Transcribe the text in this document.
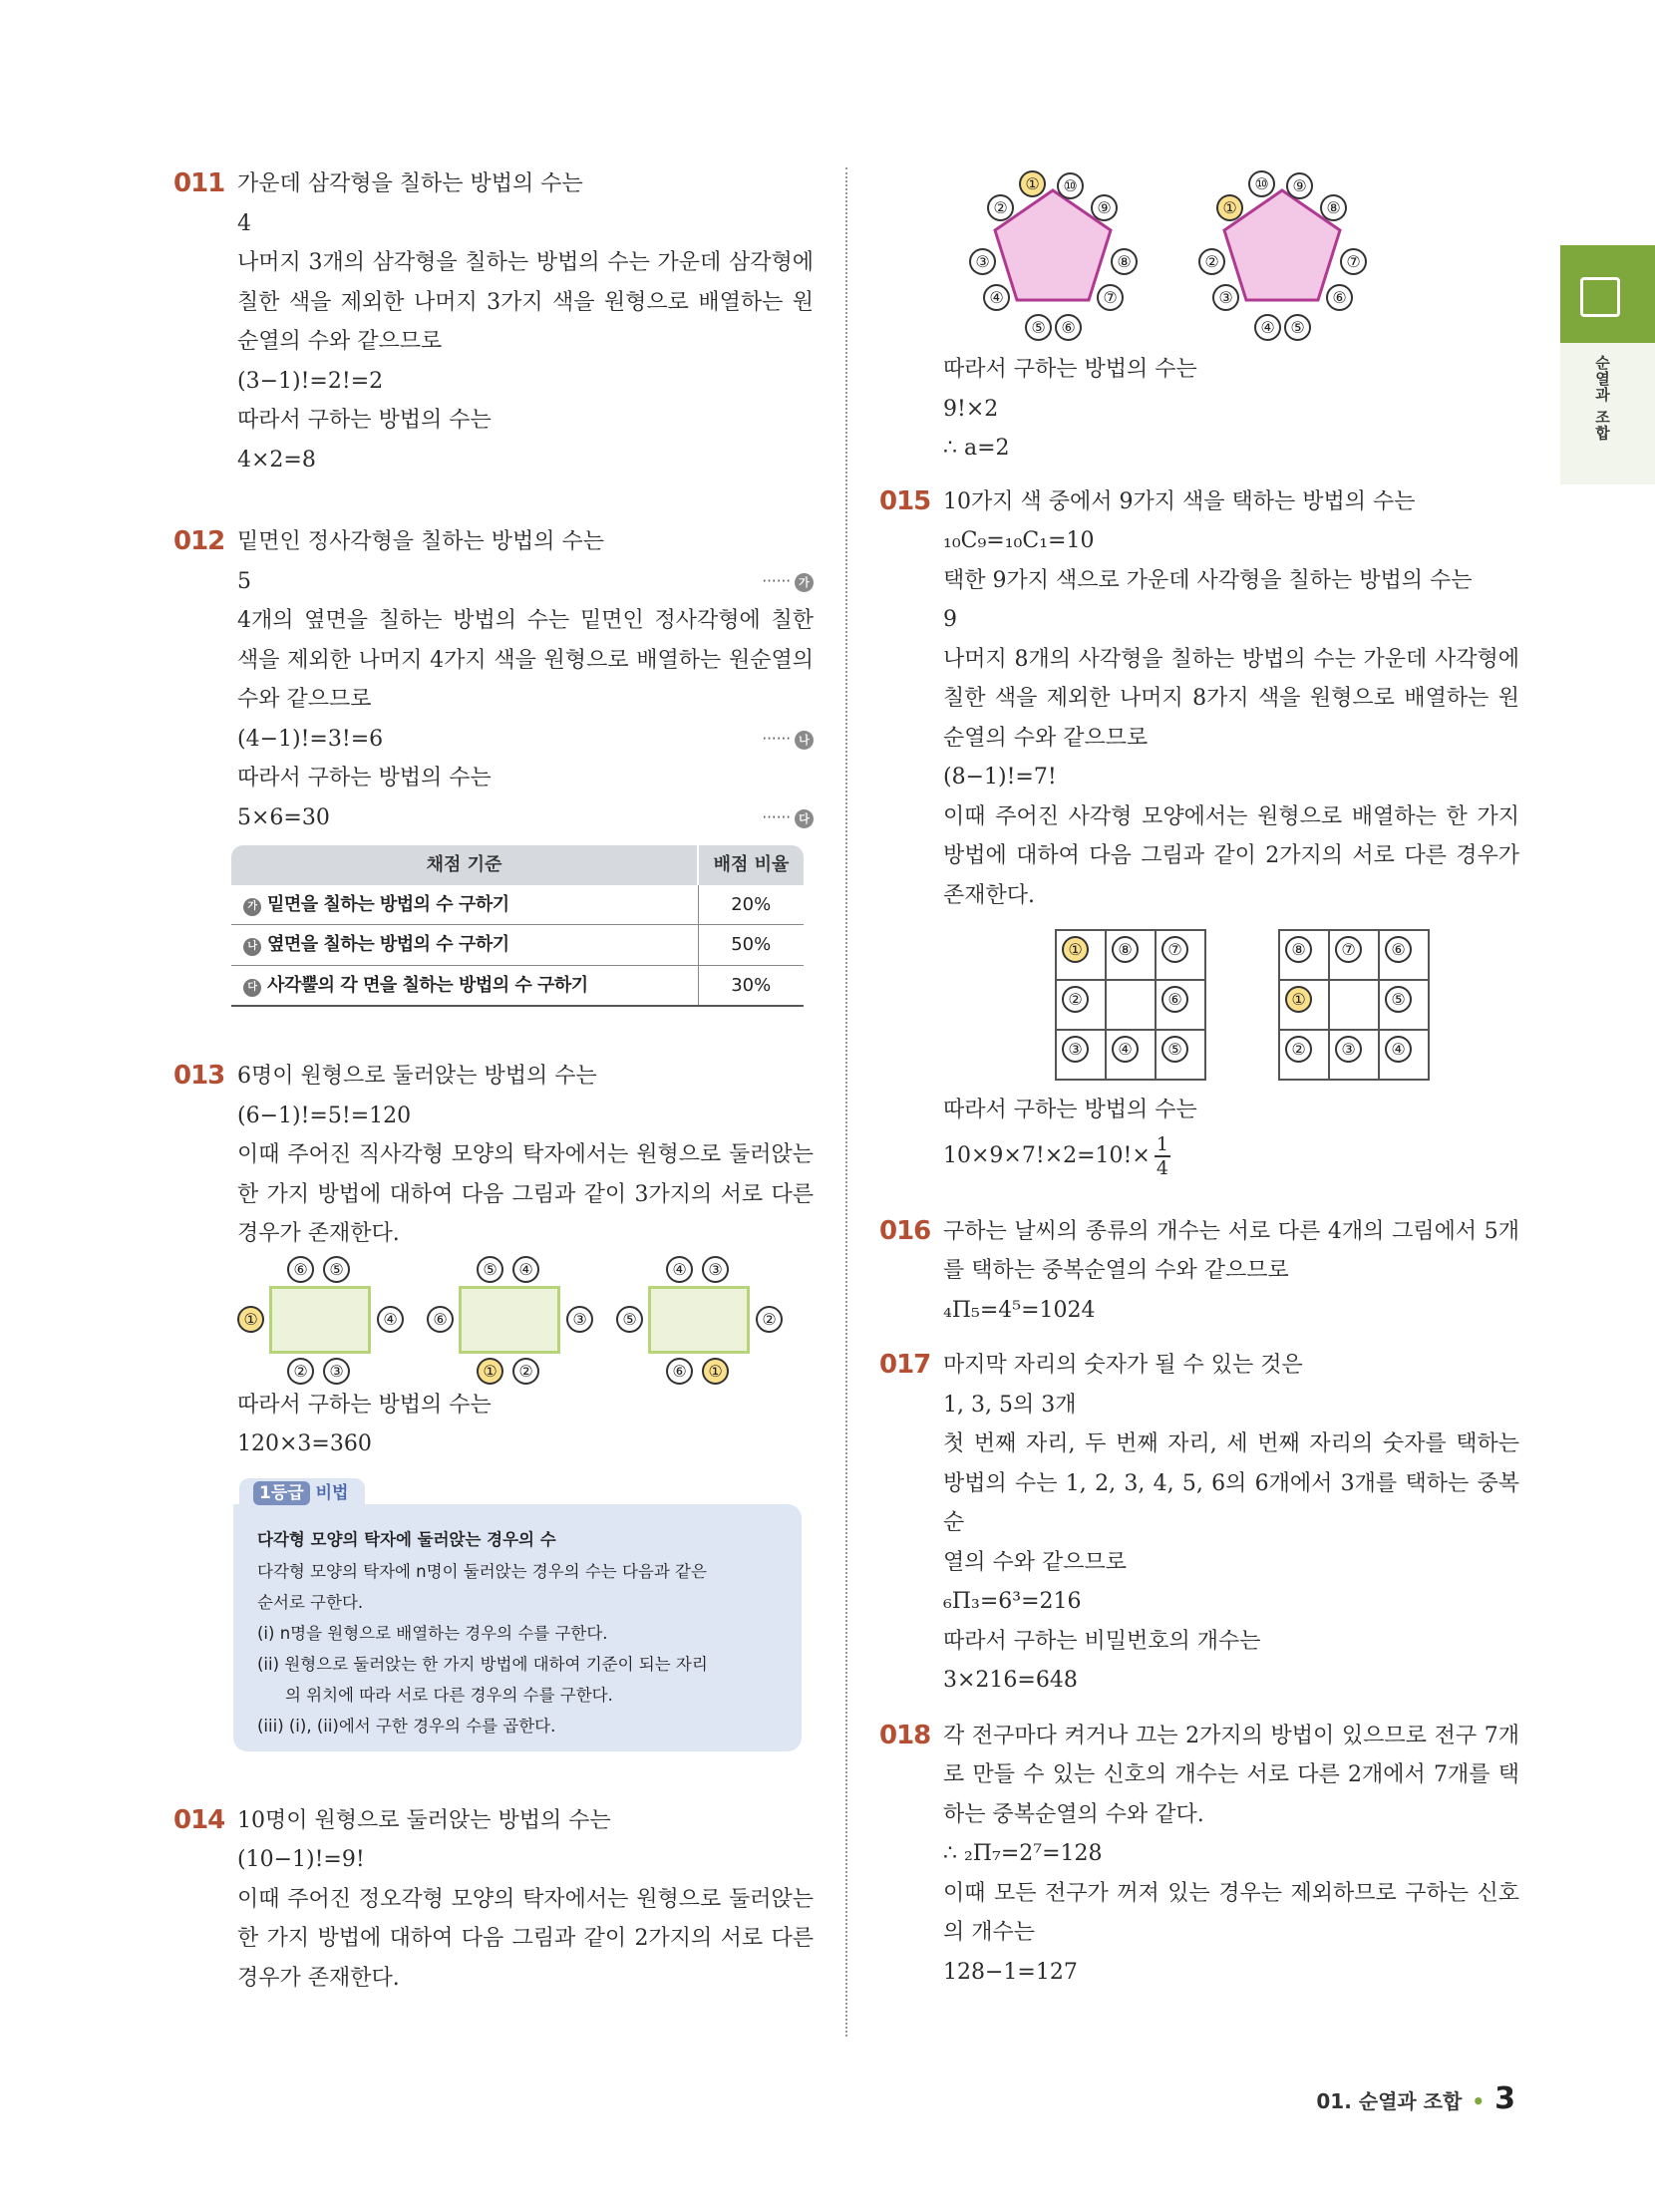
011 가운데 삼각형을 칠하는 방법의 수는
4
나머지 3개의 삼각형을 칠하는 방법의 수는 가운데 삼각형에
칠한 색을 제외한 나머지 3가지 색을 원형으로 배열하는 원
순열의 수와 같으므로
(3−1)!=2!=2
따라서 구하는 방법의 수는
4×2=8
012 밑면인 정사각형을 칠하는 방법의 수는
5	······ 가
4개의 옆면을 칠하는 방법의 수는 밑면인 정사각형에 칠한
색을 제외한 나머지 4가지 색을 원형으로 배열하는 원순열의
수와 같으므로
(4−1)!=3!=6	······ 나
따라서 구하는 방법의 수는
5×6=30	······ 다
채점 기준	배점 비율
가 밑면을 칠하는 방법의 수 구하기	20%
나 옆면을 칠하는 방법의 수 구하기	50%
다 사각뿔의 각 면을 칠하는 방법의 수 구하기	30%
013 6명이 원형으로 둘러앉는 방법의 수는
(6−1)!=5!=120
이때 주어진 직사각형 모양의 탁자에서는 원형으로 둘러앉는
한 가지 방법에 대하여 다음 그림과 같이 3가지의 서로 다른
경우가 존재한다.
⑥	⑤
①	④
②	③
⑤	④
⑥	③
①	②
④	③
⑤	②
⑥	①
따라서 구하는 방법의 수는
120×3=360
1등급 비법
다각형 모양의 탁자에 둘러앉는 경우의 수
다각형 모양의 탁자에 n명이 둘러앉는 경우의 수는 다음과 같은
순서로 구한다.
(i) n명을 원형으로 배열하는 경우의 수를 구한다.
(ii) 원형으로 둘러앉는 한 가지 방법에 대하여 기준이 되는 자리
의 위치에 따라 서로 다른 경우의 수를 구한다.
(iii) (i), (ii)에서 구한 경우의 수를 곱한다.
014 10명이 원형으로 둘러앉는 방법의 수는
(10−1)!=9!
이때 주어진 정오각형 모양의 탁자에서는 원형으로 둘러앉는
한 가지 방법에 대하여 다음 그림과 같이 2가지의 서로 다른
경우가 존재한다.
①	⑩
②	⑨
③	⑧
④	⑦
⑤ ⑥
⑩	⑨
①	⑧
②	⑦
③	⑥
④ ⑤
따라서 구하는 방법의 수는
9!×2
∴ a=2
015 10가지 색 중에서 9가지 색을 택하는 방법의 수는
₁₀C₉=₁₀C₁=10
택한 9가지 색으로 가운데 사각형을 칠하는 방법의 수는
9
나머지 8개의 사각형을 칠하는 방법의 수는 가운데 사각형에
칠한 색을 제외한 나머지 8가지 색을 원형으로 배열하는 원
순열의 수와 같으므로
(8−1)!=7!
이때 주어진 사각형 모양에서는 원형으로 배열하는 한 가지
방법에 대하여 다음 그림과 같이 2가지의 서로 다른 경우가
존재한다.
①	⑧	⑦

②		⑥

③	④	⑤
⑧	⑦	⑥

①		⑤

②	③	④
따라서 구하는 방법의 수는
$10\times 9\times 7!\times 2=10!\times \frac{1}{4}$
016 구하는 날씨의 종류의 개수는 서로 다른 4개의 그림에서 5개
를 택하는 중복순열의 수와 같으므로
₄Π₅=4⁵=1024
017 마지막 자리의 숫자가 될 수 있는 것은
1, 3, 5의 3개
첫 번째 자리, 두 번째 자리, 세 번째 자리의 숫자를 택하는
방법의 수는 1, 2, 3, 4, 5, 6의 6개에서 3개를 택하는 중복순
열의 수와 같으므로
₆Π₃=6³=216
따라서 구하는 비밀번호의 개수는
3×216=648
018 각 전구마다 켜거나 끄는 2가지의 방법이 있으므로 전구 7개
로 만들 수 있는 신호의 개수는 서로 다른 2개에서 7개를 택
하는 중복순열의 수와 같다.
∴ ₂Π₇=2⁷=128
이때 모든 전구가 꺼져 있는 경우는 제외하므로 구하는 신호
의 개수는
128−1=127
순열과 조합
01. 순열과 조합 • 3
